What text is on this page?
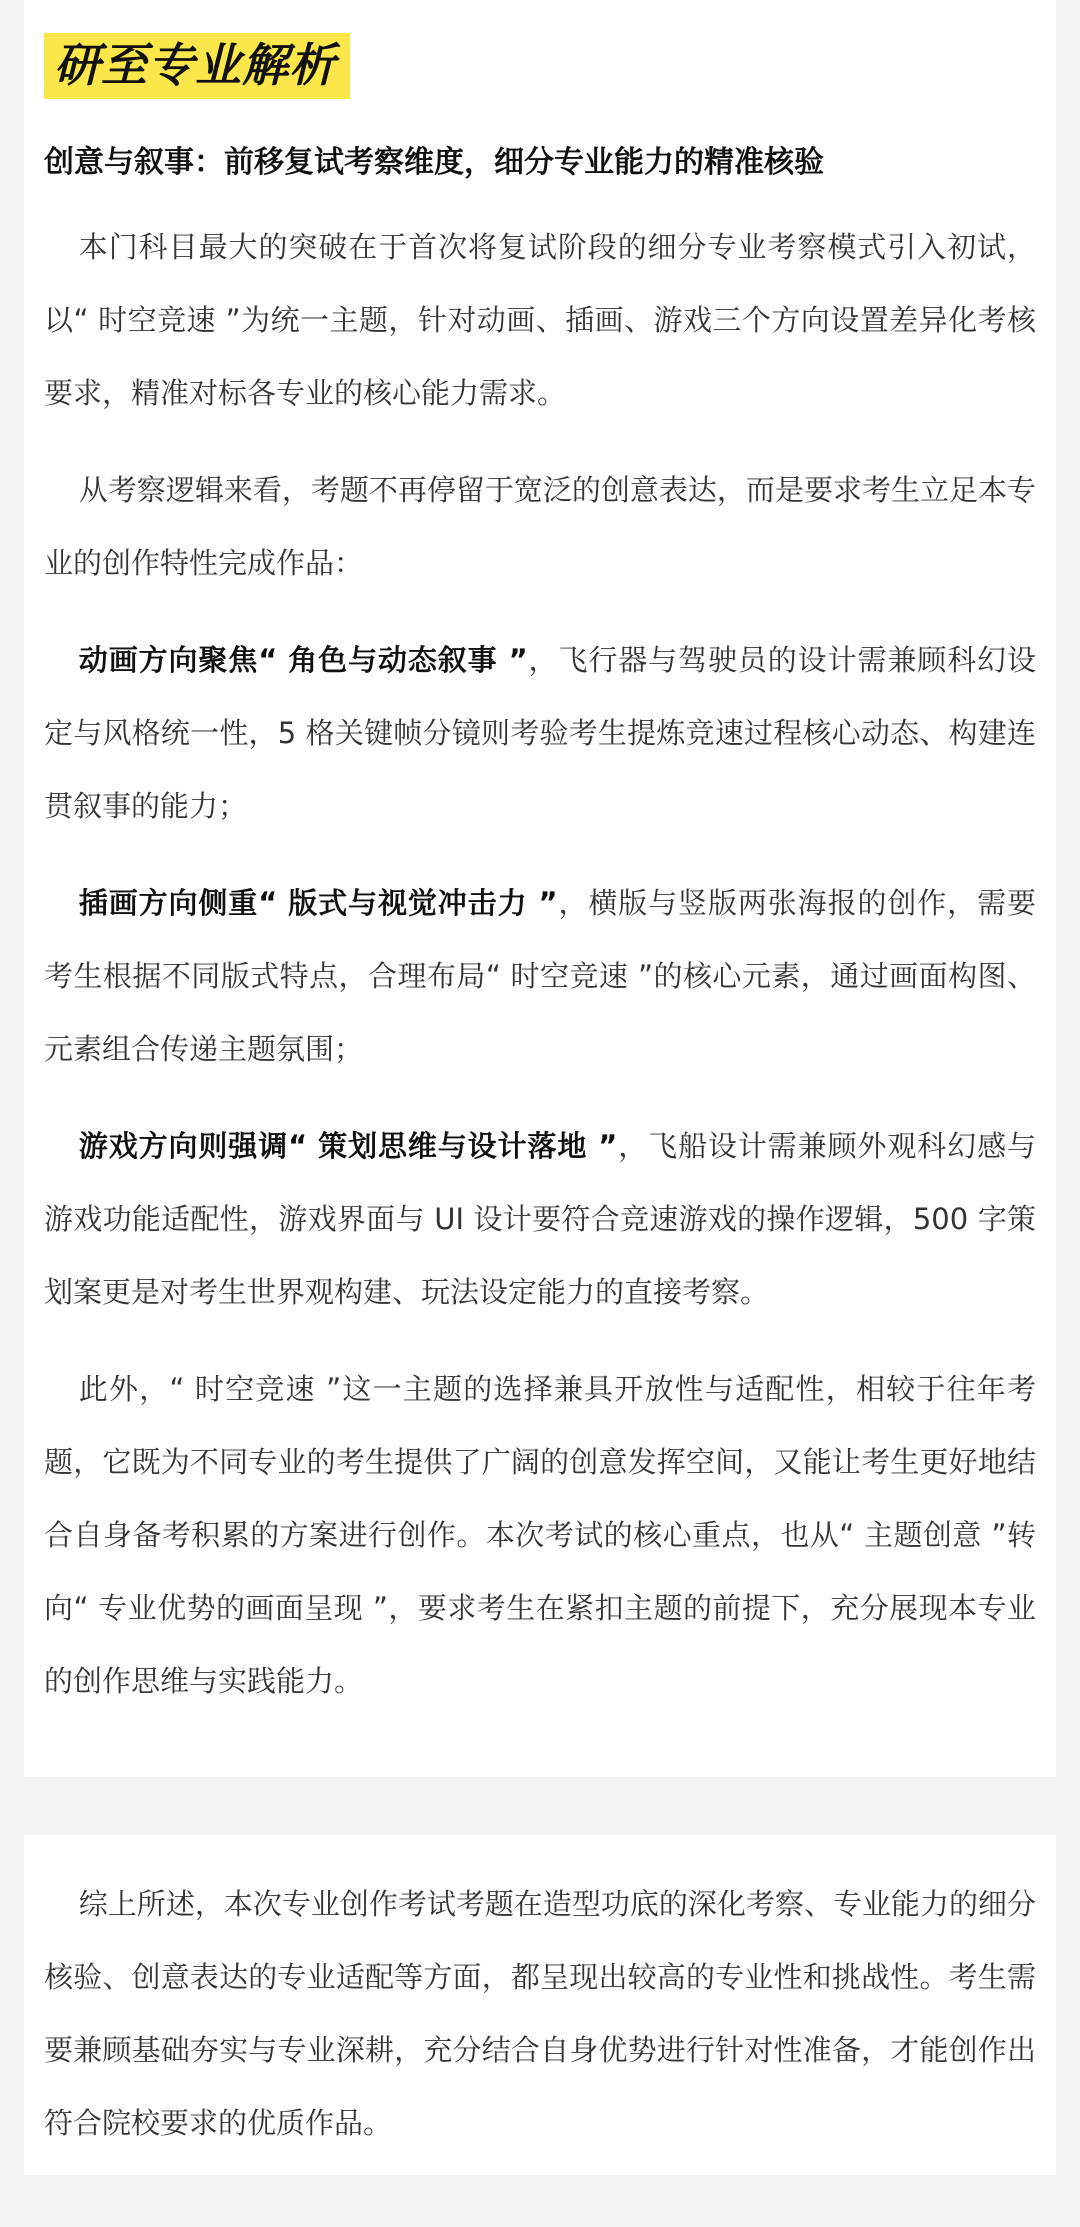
研至专业解析
创意与叙事：前移复试考察维度，细分专业能力的精准核验

本门科目最大的突破在于首次将复试阶段的细分专业考察模式引入初试，以“ 时空竞速 ”为统一主题，针对动画、插画、游戏三个方向设置差异化考核要求，精准对标各专业的核心能力需求。

从考察逻辑来看，考题不再停留于宽泛的创意表达，而是要求考生立足本专业的创作特性完成作品：

动画方向聚焦“ 角色与动态叙事 ”，飞行器与驾驶员的设计需兼顾科幻设定与风格统一性，5 格关键帧分镜则考验考生提炼竞速过程核心动态、构建连贯叙事的能力；

插画方向侧重“ 版式与视觉冲击力 ”，横版与竖版两张海报的创作，需要考生根据不同版式特点，合理布局“ 时空竞速 ”的核心元素，通过画面构图、元素组合传递主题氛围；

游戏方向则强调“ 策划思维与设计落地 ”，飞船设计需兼顾外观科幻感与游戏功能适配性，游戏界面与 UI 设计要符合竞速游戏的操作逻辑，500 字策划案更是对考生世界观构建、玩法设定能力的直接考察。

此外，“ 时空竞速 ”这一主题的选择兼具开放性与适配性，相较于往年考题，它既为不同专业的考生提供了广阔的创意发挥空间，又能让考生更好地结合自身备考积累的方案进行创作。本次考试的核心重点，也从“ 主题创意 ”转向“ 专业优势的画面呈现 ”，要求考生在紧扣主题的前提下，充分展现本专业的创作思维与实践能力。

综上所述，本次专业创作考试考题在造型功底的深化考察、专业能力的细分核验、创意表达的专业适配等方面，都呈现出较高的专业性和挑战性。考生需要兼顾基础夯实与专业深耕，充分结合自身优势进行针对性准备，才能创作出符合院校要求的优质作品。
